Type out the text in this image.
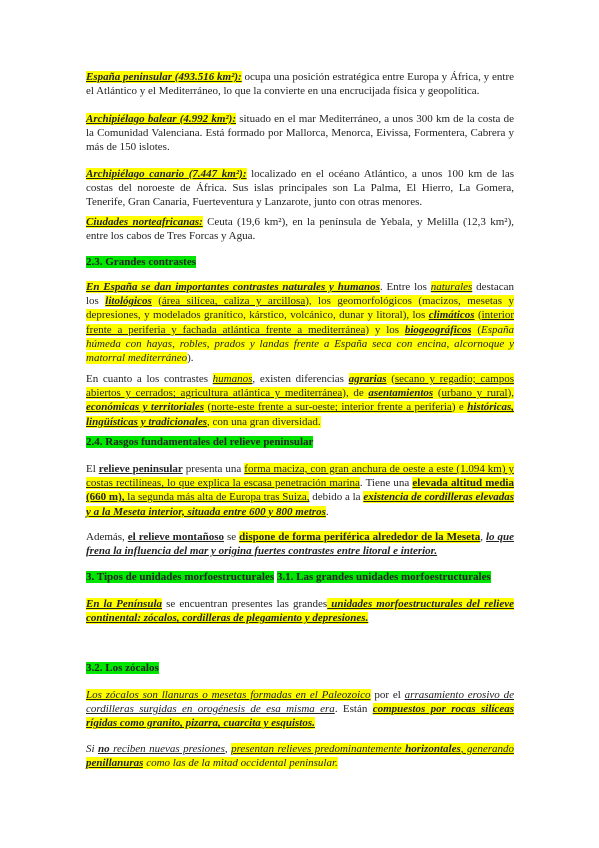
España peninsular (493.516 km²): ocupa una posición estratégica entre Europa y África, y entre el Atlántico y el Mediterráneo, lo que la convierte en una encrucijada física y geopolítica.

Archipiélago balear (4.992 km²): situado en el mar Mediterráneo, a unos 300 km de la costa de la Comunidad Valenciana. Está formado por Mallorca, Menorca, Eivissa, Formentera, Cabrera y más de 150 islotes.

Archipiélago canario (7.447 km²): localizado en el océano Atlántico, a unos 100 km de las costas del noroeste de África. Sus islas principales son La Palma, El Hierro, La Gomera, Tenerife, Gran Canaria, Fuerteventura y Lanzarote, junto con otras menores.

Ciudades norteafricanas: Ceuta (19,6 km²), en la península de Yebala, y Melilla (12,3 km²), entre los cabos de Tres Forcas y Agua.

2.3. Grandes contrastes

En España se dan importantes contrastes naturales y humanos. Entre los naturales destacan los litológicos (área silícea, caliza y arcillosa), los geomorfológicos (macizos, mesetas y depresiones, y modelados granítico, kárstico, volcánico, dunar y litoral), los climáticos (interior frente a periferia y fachada atlántica frente a mediterránea) y los biogeográficos (España húmeda con hayas, robles, prados y landas frente a España seca con encina, alcornoque y matorral mediterráneo).

En cuanto a los contrastes humanos, existen diferencias agrarias (secano y regadío; campos abiertos y cerrados; agricultura atlántica y mediterránea), de asentamientos (urbano y rural), económicas y territoriales (norte-este frente a sur-oeste; interior frente a periferia) e históricas, lingüísticas y tradicionales, con una gran diversidad.

2.4. Rasgos fundamentales del relieve peninsular

El relieve peninsular presenta una forma maciza, con gran anchura de oeste a este (1.094 km) y costas rectilíneas, lo que explica la escasa penetración marina. Tiene una elevada altitud media (660 m), la segunda más alta de Europa tras Suiza, debido a la existencia de cordilleras elevadas y a la Meseta interior, situada entre 600 y 800 metros.

Además, el relieve montañoso se dispone de forma periférica alrededor de la Meseta, lo que frena la influencia del mar y origina fuertes contrastes entre litoral e interior.

3. Tipos de unidades morfoestructurales 3.1. Las grandes unidades morfoestructurales

En la Península se encuentran presentes las grandes unidades morfoestructurales del relieve continental: zócalos, cordilleras de plegamiento y depresiones.

3.2. Los zócalos

Los zócalos son llanuras o mesetas formadas en el Paleozoico por el arrasamiento erosivo de cordilleras surgidas en orogénesis de esa misma era. Están compuestos por rocas silíceas rígidas como granito, pizarra, cuarcita y esquistos.

Si no reciben nuevas presiones, presentan relieves predominantemente horizontales, generando penillanuras como las de la mitad occidental peninsular.
